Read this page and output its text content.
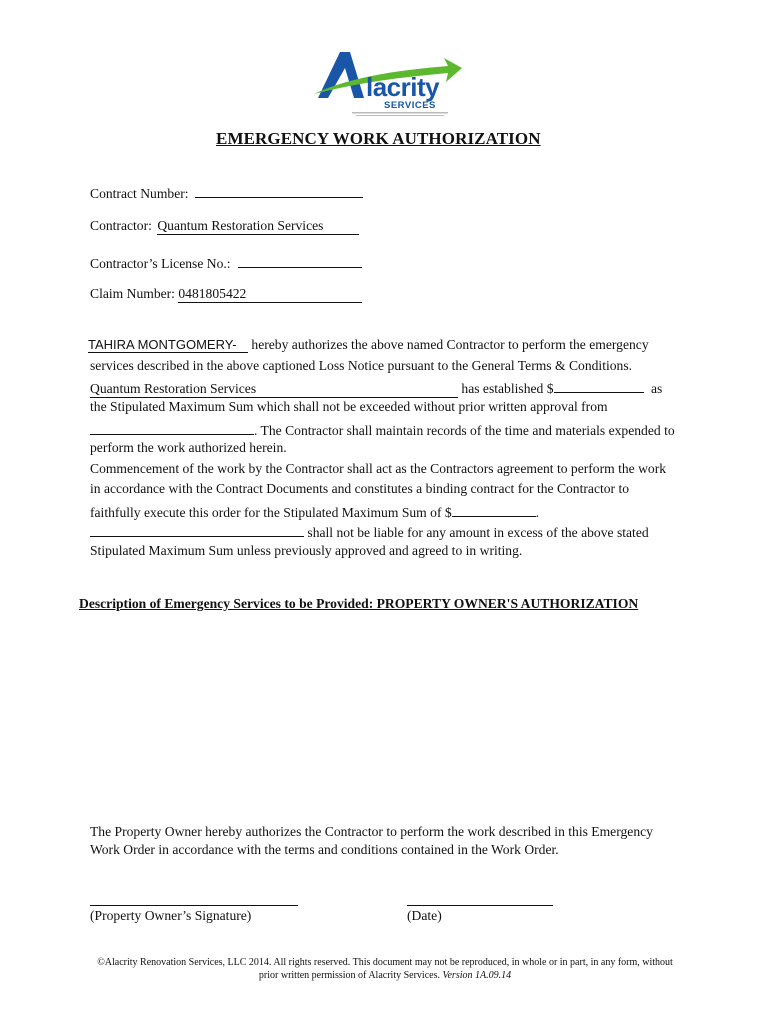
lacrity
SERVICES
EMERGENCY WORK AUTHORIZATION
Contract Number:
Contractor: Quantum Restoration Services
Contractor’s License No.:
Claim Number: 0481805422
TAHIRA MONTGOMERY- hereby authorizes the above named Contractor to perform the emergency
services described in the above captioned Loss Notice pursuant to the General Terms & Conditions.
Quantum Restoration Services	has established $	as
the Stipulated Maximum Sum which shall not be exceeded without prior written approval from
. The Contractor shall maintain records of the time and materials expended to
perform the work authorized herein.
Commencement of the work by the Contractor shall act as the Contractors agreement to perform the work
in accordance with the Contract Documents and constitutes a binding contract for the Contractor to
faithfully execute this order for the Stipulated Maximum Sum of $	.
shall not be liable for any amount in excess of the above stated
Stipulated Maximum Sum unless previously approved and agreed to in writing.
Description of Emergency Services to be Provided: PROPERTY OWNER'S AUTHORIZATION
The Property Owner hereby authorizes the Contractor to perform the work described in this Emergency
Work Order in accordance with the terms and conditions contained in the Work Order.
(Property Owner’s Signature)	(Date)
©Alacrity Renovation Services, LLC 2014. All rights reserved. This document may not be reproduced, in whole or in part, in any form, without
prior written permission of Alacrity Services. Version 1A.09.14
